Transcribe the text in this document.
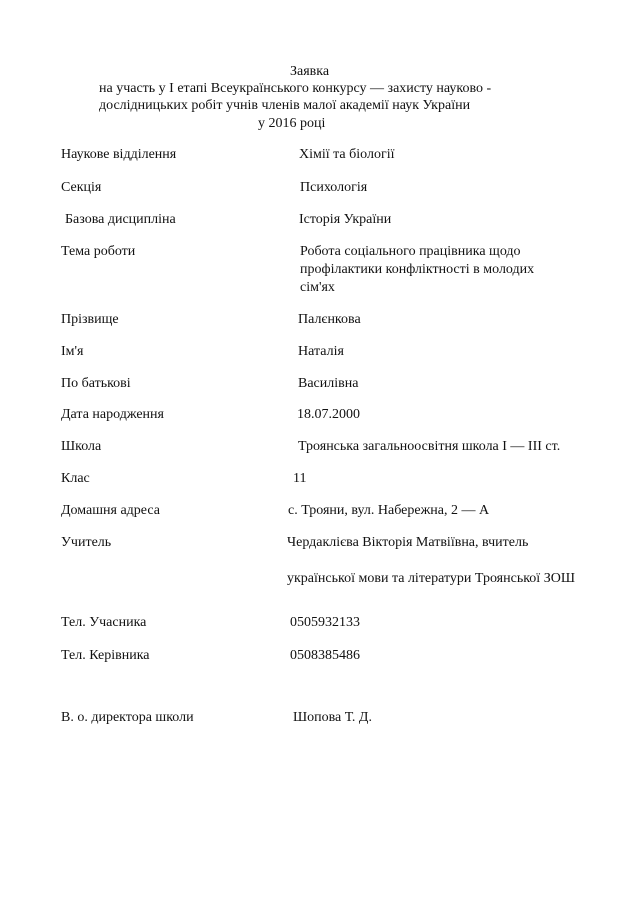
Заявка
на участь у І етапі Всеукраїнського конкурсу — захисту науково -
дослідницьких робіт учнів членів малої академії наук України
у 2016 році
Наукове відділення	Хімії та біології
Секція	Психологія
Базова дисципліна	Історія України
Тема роботи	Робота соціального працівника щодо
профілактики конфліктності в молодих
сім'ях
Прізвище	Палєнкова
Ім'я	Наталія
По батькові	Василівна
Дата народження	18.07.2000
Школа	Троянська загальноосвітня школа І — ІІІ ст.
Клас	11
Домашня адреса	с. Трояни, вул. Набережна, 2 — А
Учитель	Чердаклієва Вікторія Матвіївна, вчитель
української мови та літератури Троянської ЗОШ
Тел. Учасника	0505932133
Тел. Керівника	0508385486
В. о. директора школи	Шопова Т. Д.
